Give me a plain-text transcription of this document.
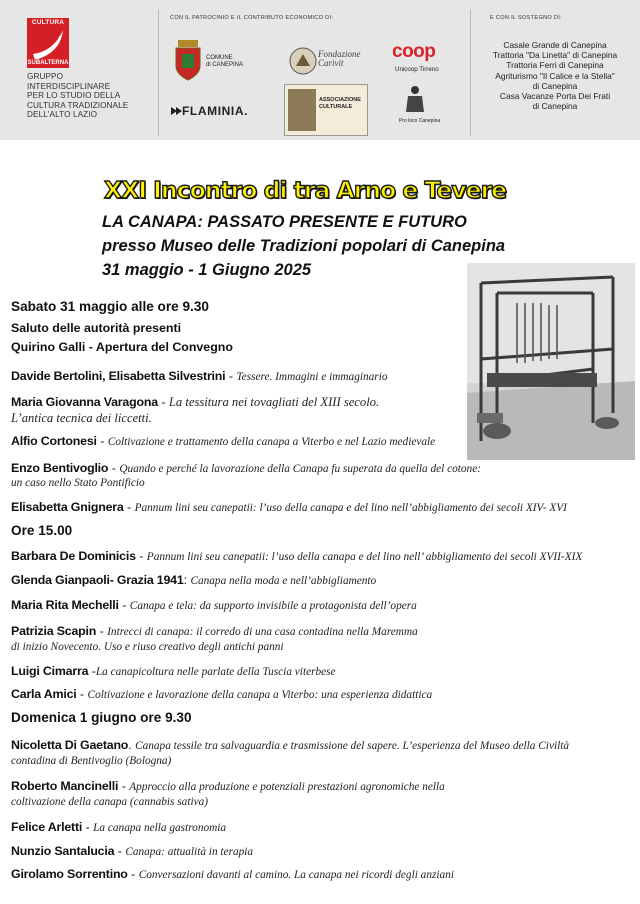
CULTURA
SUBALTERNA
GRUPPO
INTERDISCIPLINARE
PER LO STUDIO DELLA
CULTURA TRADIZIONALE
DELL'ALTO LAZIO
CON IL PATROCINIO E IL CONTRIBUTO ECONOMICO DI:
COMUNE
di CANEPINA
Fondazione
Carivit
coop
Unicoop Tirreno
FLAMINIA.
ASSOCIAZIONE
CULTURALE
Pro loco Canepina
E CON IL SOSTEGNO DI:
Casale Grande di Canepina
Trattoria "Da Linetta" di Canepina
Trattoria Ferri di Canepina
Agriturismo "Il Calice e la Stella"
di Canepina
Casa Vacanze Porta Dei Frati
di Canepina
XXI Incontro di tra Arno e Tevere
LA CANAPA: PASSATO PRESENTE E FUTURO
presso Museo delle Tradizioni popolari di Canepina
31 maggio - 1 Giugno 2025
Sabato 31 maggio alle ore 9.30
Saluto delle autorità presenti
Quirino Galli - Apertura del Convegno
Davide Bertolini, Elisabetta Silvestrini - Tessere. Immagini e immaginario
Maria Giovanna Varagona - La tessitura nei tovagliati del XIII secolo.
L’antica tecnica dei liccetti.
Alfio Cortonesi - Coltivazione e trattamento della canapa a Viterbo e nel Lazio medievale
Enzo Bentivoglio - Quando e perché la lavorazione della Canapa fu superata da quella del cotone:
un caso nello Stato Pontificio
Elisabetta Gnignera - Pannum lini seu canepatii: l’uso della canapa e del lino nell’abbigliamento dei secoli XIV- XVI
Ore 15.00
Barbara De Dominicis - Pannum lini seu canepatii: l’uso della canapa e del lino nell’ abbigliamento dei secoli XVII-XIX
Glenda Gianpaoli- Grazia 1941: Canapa nella moda e nell’abbigliamento
Maria Rita Mechelli - Canapa e tela: da supporto invisibile a protagonista dell’opera
Patrizia Scapin - Intrecci di canapa: il corredo di una casa contadina nella Maremma
di inizio Novecento. Uso e riuso creativo degli antichi panni
Luigi Cimarra -La canapicoltura nelle parlate della Tuscia viterbese
Carla Amici - Coltivazione e lavorazione della canapa a Viterbo: una esperienza didattica
Domenica 1 giugno ore 9.30
Nicoletta Di Gaetano. Canapa tessile tra salvaguardia e trasmissione del sapere. L’esperienza del Museo della Civiltà
contadina di Bentivoglio (Bologna)
Roberto Mancinelli - Approccio alla produzione e potenziali prestazioni agronomiche nella
coltivazione della canapa (cannabis sativa)
Felice Arletti - La canapa nella gastronomia
Nunzio Santalucia - Canapa: attualità in terapia
Girolamo Sorrentino - Conversazioni davanti al camino. La canapa nei ricordi degli anziani
